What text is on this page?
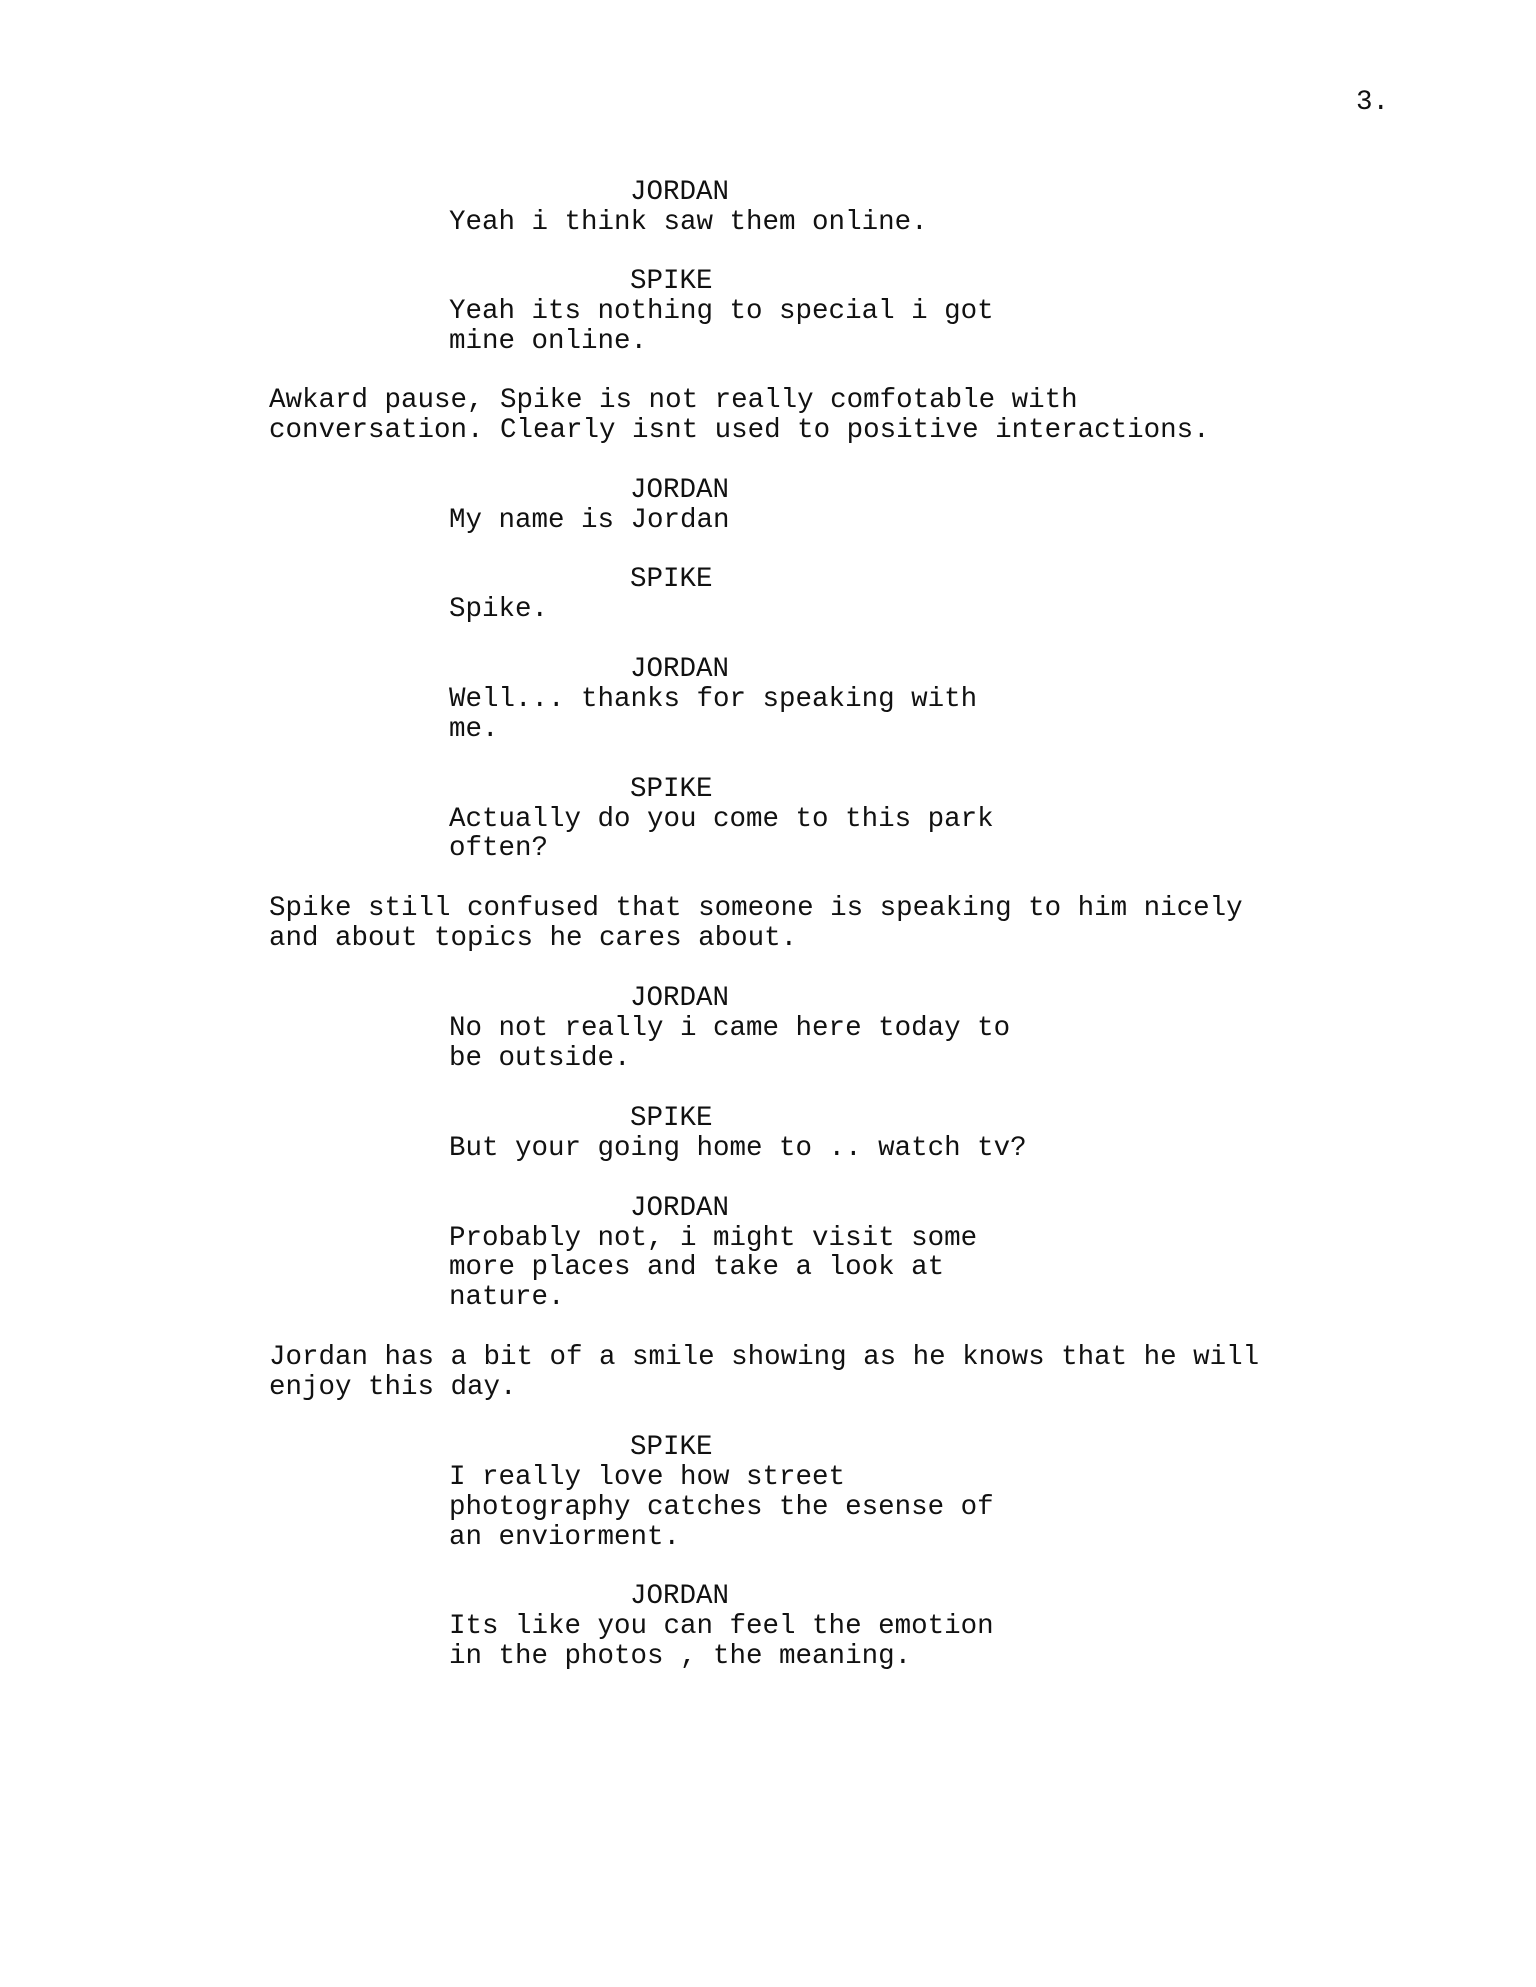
3.
JORDAN
Yeah i think saw them online.
SPIKE
Yeah its nothing to special i got
mine online.
Awkard pause, Spike is not really comfotable with
conversation. Clearly isnt used to positive interactions.
JORDAN
My name is Jordan
SPIKE
Spike.
JORDAN
Well... thanks for speaking with
me.
SPIKE
Actually do you come to this park
often?
Spike still confused that someone is speaking to him nicely
and about topics he cares about.
JORDAN
No not really i came here today to
be outside.
SPIKE
But your going home to .. watch tv?
JORDAN
Probably not, i might visit some
more places and take a look at
nature.
Jordan has a bit of a smile showing as he knows that he will
enjoy this day.
SPIKE
I really love how street
photography catches the esense of
an enviorment.
JORDAN
Its like you can feel the emotion
in the photos , the meaning.
